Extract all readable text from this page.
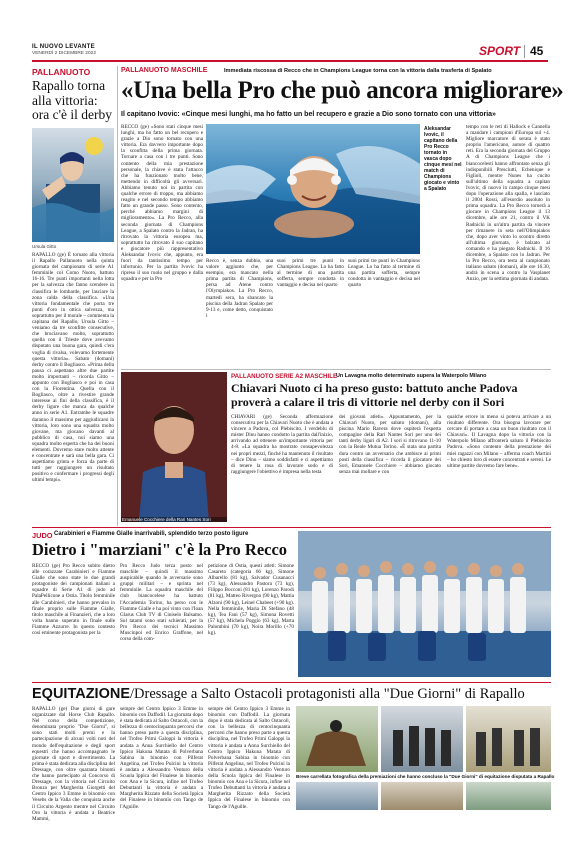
IL NUOVO LEVANTE
VENERDÌ 2 DICEMBRE 2022	SPORT 45
PALLANUOTO
Rapallo torna alla vittoria: ora c'è il derby
Ursula Gitto
RAPALLO (ge) È tornato alla vittoria il Rapallo Pallanuoto nella quinta giornata del campionato di serie A1 femminile col Como Nuoto, battuto 16-16. Tre punti importanti nella lotta per la salvezza che fanno scendere in classifica le lombarde, per lasciare la zona calda della classifica. «Una vittoria fondamentale che porta tre punti d'oro in ottica salvezza, ma soprattutto per il morale – commenta la capitana del Rapallo, Ursula Gitto – veniamo da tre sconfitte consecutive, che bruciavano molto, soprattutto quella con il Trieste dove avevamo disputato una buona gara, quindi c'era voglia di rivalsa, volevamo fortemente questa vittoria». Sabato (domani) derby contro il Bogliasco. «Prima della pausa ci aspettano altre due partite molto importanti – ricorda Gitto – appunto con Bogliasco e poi in casa con la Fiorentina. Quella con il Bogliasco, oltre a rivestire grande interesse ai fini della classifica, è il derby ligure che manca da qualche anno in serie A1. Entrambe le squadre daranno il massimo per aggiudicarsi la vittoria, loro sono una squadra molto giovane, ma giocano davanti al pubblico di casa, noi siamo una squadra molto esperta che ha dei buoni elementi. Dovremo stare molto attente e concentrate e sarà una bella gara. Ci aspettiamo grinta e forza da parte di tutti per raggiungere un risultato positivo e confermare i progressi degli ultimi tempi».
PALLANUOTO MASCHILE	Immediata riscossa di Recco che in Champions League torna con la vittoria dalla trasferta di Spalato
«Una bella Pro che può ancora migliorare»
Il capitano Ivovic: «Cinque mesi lunghi, ma ho fatto un bel recupero e grazie a Dio sono tornato con una vittoria»
RECCO (ge) «Sono stati cinque mesi lunghi, ma ho fatto un bel recupero e grazie a Dio sono tornato con una vittoria. Era davvero importante dopo la sconfitta della prima giornata. Tornare a casa con i tre punti. Sono contento della mia prestazione personale, la chiave è stata l'attacco che ha funzionato molto bene, mettendo in difficoltà gli avversari. Abbiamo tenuto noi in partita con qualche errore di troppo, ma abbiamo reagito e nel secondo tempo abbiamo fatto un grande passo. Sono contento, perché abbiamo margini di miglioramento». La Pro Recco, alla seconda giornata di Champions League, a Spalato contro la Jadran, ha ritrovato la vittoria europea ma, soprattutto ha ritrovato il suo capitano e giocatore più rappresentativo Aleksandar Ivovic che, appunto, era fuori da tantissimo tempo per infortunio. Per la partita Ivovic ha ripreso il suo ruolo nel gruppo e dalla squadra e per la Pro
Recco è, senza dubbio, una valore aggiunto che, per esempio, era mancato nella prima partita di Champions, persa ad Atene contro l'Olympiakos. La Pro Recco, martedì sera, ha sbancato la piscina della Jadran Spalato per 9-13 e, come detto, conquistato i
suoi primi tre punti in Champions League. Lo ha fatto al termine di una partita sofferta, sempre condotta in vantaggio e decisa nel quarto
suoi primi tre punti in Champions League. Lo ha fatto al termine di una partita sofferta, sempre condotta in vantaggio e decisa nel quarto
Aleksandar Ivovic, il capitano della Pro Recco tornato in vasca dopo cinque mesi nel match di Champions giocato e vinto a Spalato
tempo con le reti di Hallock e Cannella a mandare i campioni d'Europa sul +4. Migliore marcatore di serata è stato proprio l'americano, autore di quattro reti. Era la seconda giornata del Gruppo A di Champions League che i biancocelesti hanno affrontato senza gli indisponibili Presciutti, Echenique e Figlioli, mentre Nunes ha cucito sull'ultimo della squadra a capitan Ivovic, di nuovo in campo cinque mesi dopo l'operazione alla spalla, e lasciato il 2004 Rossi, all'esordio assoluto in prima squadra. La Pro Recco tornerà a giocare in Champions League il 13 dicembre, alle ore 21, contro il VK Radnicki in un'altra partita da vincere per rimanere in seta nell'Olimpiakos che, dopo aver vinto lo scontro diretto all'ultima giornata, è balzato al comando e ha piegato Radnicki. Il 16 dicembre, a Spalato con lo Jadran. Per la Pro Recco, ora testa al campionato italiano sabato (domani), alle ore 16.30, andrà in scena a contro la Vasplanet Anzio, per la settima giornata di andata.
Emanuele Cocchiere della Rari Nantes Sori
PALLANUOTO SERIE A2 MASCHILE
Un Lavagna molto determinato supera la Waterpolo Milano
Chiavari Nuoto ci ha preso gusto: battuto anche Padova proverà a calare il tris di vittorie nel derby con il Sori
CHIAVARI (ge) Seconda affermazione consecutiva per la Chiavari Nuoto che è andata a vincere a Padova, col Plebiscito. I verdeblu di mister Dinu hanno condotto la partita dall'inizio, arrivando ad ottenere un'importante vittoria per 4-8. «La squadra ha mostrato consapevolezza nei propri mezzi, finché ha mantenuto il risultato – dice Dinu – siamo soddisfatti e ci aspettiamo di tenere la rosa di lavorare sodo e di raggiungere l'obiettivo è impresa nella testa
dei giovani atleti». Appuntamento, per la Chiavari Nuoto, per sabato (domani), alla piscina Mario Ravera dove ospiterà l'esperta compagine della Rari Nantes Sori per uno dei tanti derby liguri di A2. I sori si ritrovano 11-10 con la Reale Mutua Torino. «È stata una partita dura contro un avversario che ambisce ai primi posti della classifica – ricorda il giocatore dei Sori, Emanuele Cocchiere – abbiamo giocato senza mai mollare e con
qualche errore in meno si poteva arrivare a un risultato differente. Ora bisogna lavorare per cercare di portare a casa un buon risultato con il Chiavari». Il Lavagna dopo la vittoria con la Waterpolo Milano affronterà sabato il Plebiscito Padova. «Sono contento della prestazione dei miei ragazzi con Milano – afferma coach Martini – ho chiesto loro di essere concentrati e sereni. Le ultime partite dovremo fare bene».
JUDO Carabinieri e Fiamme Gialle inarrivabili, splendido terzo posto ligure
Dietro i "marziani" c'è la Pro Recco
RECCO (ge) Pro Recco subito dietro alle corazzate Carabinieri e Fiamme Gialle che sono state le due grandi protagoniste dei campionati italiani a squadre di Serie A1 di judo ad PalaPellicone a Ostia. Titolo femminile alle Carabinieri, che hanno prevalso in finale proprio sulle Fiamme Gialle, titolo maschile ai Finanzieri, che a loro volta hanno superato in finale sulle Fiamme Azzurre. In questo contesto così eminente protagonista per la
Pro Recco Judo terza posto nel maschile – quindi il massimo auspicabile quando le avversarie sono gruppi militari – e sprinta nel femminile. La squadra maschile del club biancocelese ha battuto l'Accademia Torino, ha perso con le Fiamme Gialle e ha poi vinto con l'Ioan Glarus Club TV di Ciniselo Balsamo. Sul tatami sono stati schierati, per la Pro Recco dei tecnici Massimo Muscinpoi ed Enrico Graffone, nel corso della com-
petizione di Ostia, questi atleti: Simone Casareto (categoria 66 kg), Simone Albarello (81 kg), Salvador Cusanacci (73 kg), Alessandro Pastora (73 kg), Filippo Bocconi (81 kg), Lorenzo Parodi (81 kg), Matteo Rivergno (90 kg), Mattia Alzoni (90 kg), Leinel Chabeet (+90 kg). Nella femminile, Maria Di Stefano (48 kg), Tea Fani (57 kg), Simona Rovetti (57 kg), Michela Poggio (63 kg), Marta Palombini (70 kg), Noira Morillo (+70 kg).
EQUITAZIONE/Dressage a Salto Ostacoli protagonisti alla "Due Giorni" di Rapallo
RAPALLO (ge) Due giorni di gare organizzate dal Horse Club Rapallo. Nel corso della competizione, denominata proprio "Due Giorni", si sono stati molti premi e la partecipazione di alcuni volti noti del mondo dell'equitazione e degli sport equestri che hanno accompagnato le giornate di sport e divertimento. La prima è stata dedicata alla disciplina del Dressage, con oltre quaranta binomi che hanno partecipato al Concorso di Dressage, con la vittoria nel Circuito Bronzo per Margherita Giorgetti del Centro Ippico 3 Emme in binomio con Vesebs de la Valla che conquista anche il Circuito Argento mentre nel Circuito Oro la vittoria è andata a Beatrice Mammi,
sempre del Centro Ippico 3 Emme in binomio con Daffodil. La giornata dopo è stata dedicata al Salto Ostacoli, con la bellezza di centocinquanta percorsi che hanno preso parte a questa disciplina, nel Trofeo Primi Galoppi la vittoria è andata a Anna Surchiello del Centro Ippico Hakuna Matata di Polverbana Sabina in binomio con Pilferat Angelina, nel Trofeo Pulcini la vittoria è andata a Alessandro Venturo della Scuola Ippica del Finalese in binomio con Ana e la Sicura, infine nel Trofeo Debuttanti la vittoria è andata a Margherita Rizzato della Società Ippica del Finalese in binomio con Tango de l'Aguille.
sempre del Centro Ippico 3 Emme in binomio con Daffodil. La giornata dopo è stata dedicata al Salto Ostacoli, con la bellezza di centocinquanta percorsi che hanno preso parte a questa disciplina, nel Trofeo Primi Galoppi la vittoria è andata a Anna Surchiello del Centro Ippico Hakuna Matata di Polverbana Sabina in binomio con Pilferat Angelina, nel Trofeo Pulcini la vittoria è andata a Alessandro Venturo della Scuola Ippica del Finalese in binomio con Ana e la Sicura, infine nel Trofeo Debuttanti la vittoria è andata a Margherita Rizzato della Società Ippica del Finalese in binomio con Tango de l'Aguille.
Breve carrellata fotografica della premiazioni che hanno concluso la "Due Giorni" di equitazione disputata a Rapallo
